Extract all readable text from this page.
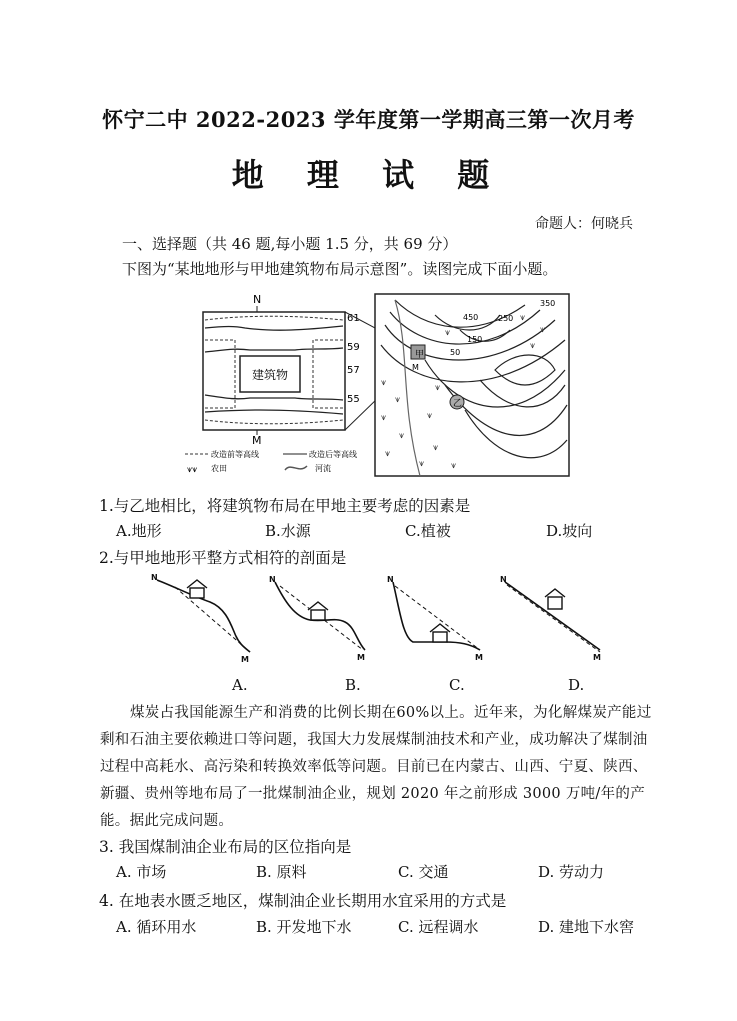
怀宁二中 2022-2023 学年度第一学期高三第一次月考
地 理 试 题
命题人：何晓兵
一、选择题（共 46 题,每小题 1.5 分，共 69 分）
下图为“某地地形与甲地建筑物布局示意图”。读图完成下面小题。
N
建筑物
61
59
57
55
M
改造前等高线	改造后等高线
⩛⩛ 农田	河流
甲
乙
M
350
450 250
150
50
⩛
⩛
⩛
⩛
⩛
⩛
⩛
⩛
⩛
⩛
⩛
⩛
⩛
⩛
1.与乙地相比，将建筑物布局在甲地主要考虑的因素是
A.地形	B.水源	C.植被	D.坡向
2.与甲地地形平整方式相符的剖面是
N
M
N
M
N
M
N
M
A.	B.	C.	D.
煤炭占我国能源生产和消费的比例长期在60%以上。近年来，为化解煤炭产能过剩和石油主要依赖进口等问题，我国大力发展煤制油技术和产业，成功解决了煤制油过程中高耗水、高污染和转换效率低等问题。目前已在内蒙古、山西、宁夏、陕西、新疆、贵州等地布局了一批煤制油企业，规划 2020 年之前形成 3000 万吨/年的产能。据此完成问题。
3. 我国煤制油企业布局的区位指向是
A. 市场	B. 原料	C. 交通	D. 劳动力
4. 在地表水匮乏地区，煤制油企业长期用水宜采用的方式是
A. 循环用水	B. 开发地下水	C. 远程调水	D. 建地下水窖
